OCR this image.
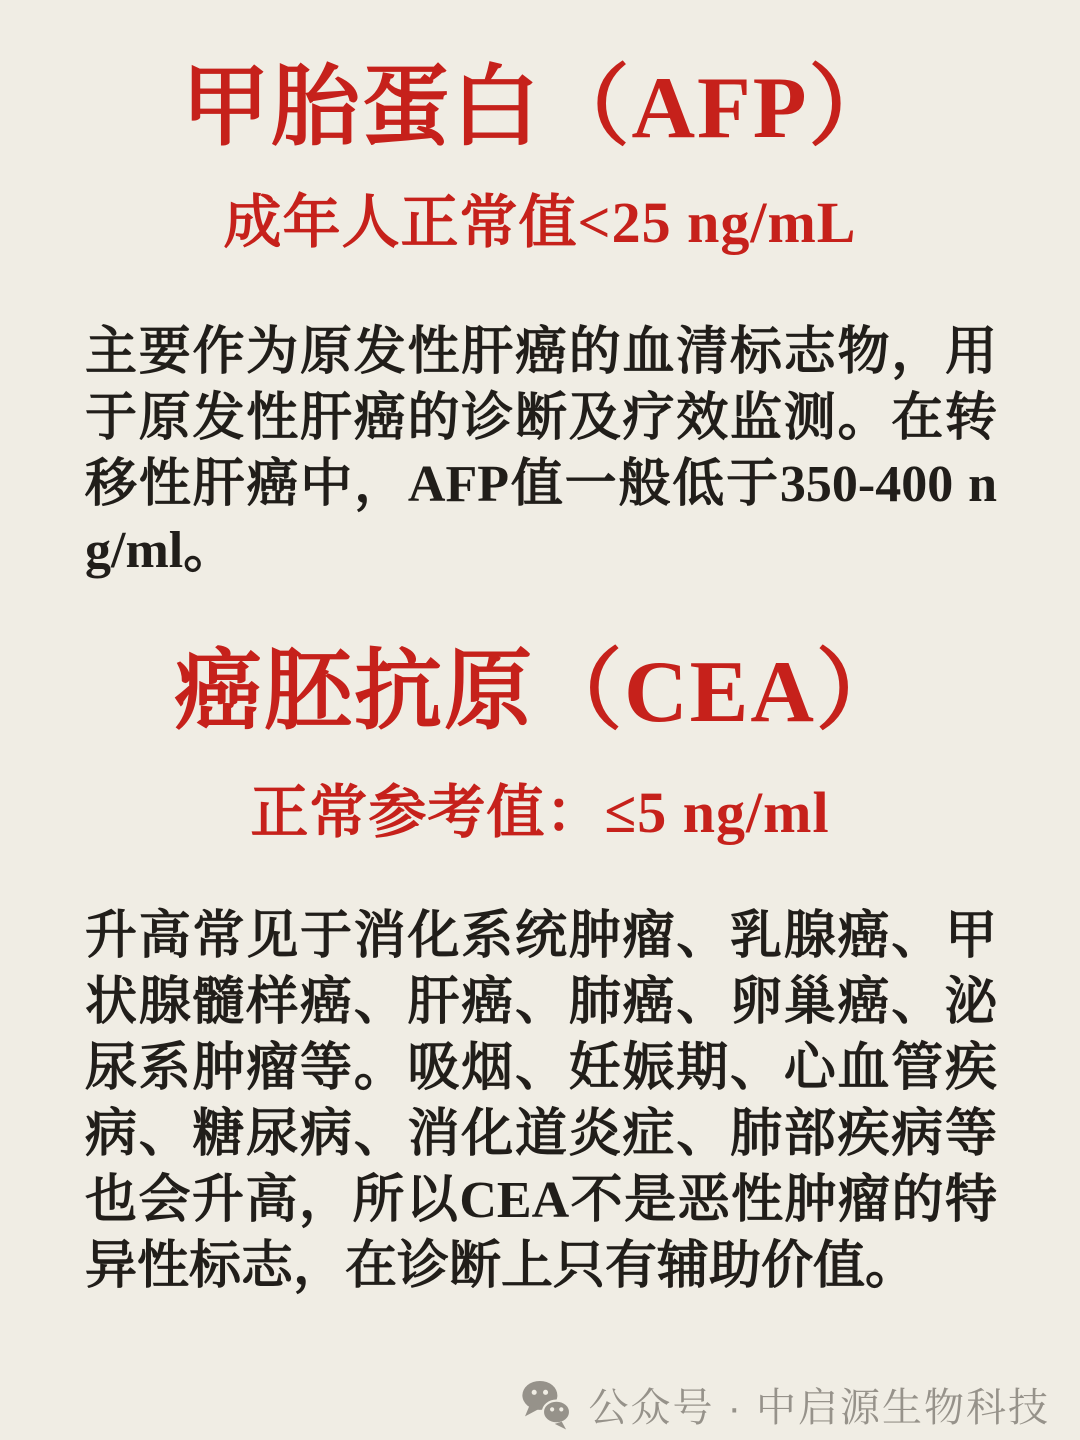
甲胎蛋白（AFP）
成年人正常值<25 ng/mL

主要作为原发性肝癌的血清标志物，用于原发性肝癌的诊断及疗效监测。在转移性肝癌中，AFP值一般低于350-400 ng/ml。

癌胚抗原（CEA）
正常参考值：≤5 ng/ml

升高常见于消化系统肿瘤、乳腺癌、甲状腺髓样癌、肝癌、肺癌、卵巢癌、泌尿系肿瘤等。吸烟、妊娠期、心血管疾病、糖尿病、消化道炎症、肺部疾病等也会升高，所以CEA不是恶性肿瘤的特异性标志，在诊断上只有辅助价值。

公众号 · 中启源生物科技
